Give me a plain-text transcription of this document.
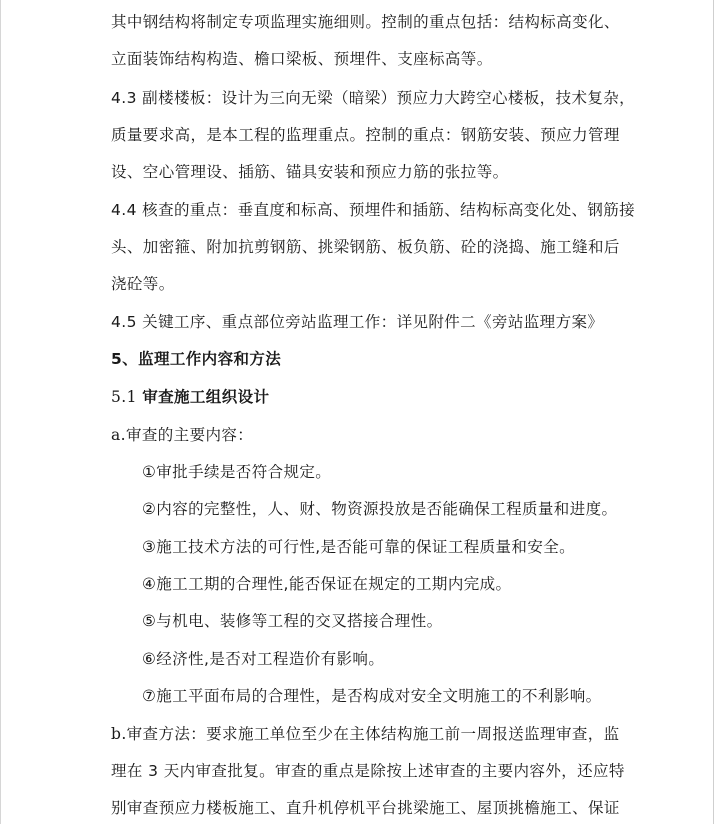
其中钢结构将制定专项监理实施细则。控制的重点包括：结构标高变化、
立面装饰结构构造、檐口梁板、预埋件、支座标高等。
4.3 副楼楼板：设计为三向无梁（暗梁）预应力大跨空心楼板，技术复杂，
质量要求高，是本工程的监理重点。控制的重点：钢筋安装、预应力管理
设、空心管理设、插筋、锚具安装和预应力筋的张拉等。
4.4 核查的重点：垂直度和标高、预埋件和插筋、结构标高变化处、钢筋接
头、加密箍、附加抗剪钢筋、挑梁钢筋、板负筋、砼的浇捣、施工缝和后
浇砼等。
4.5 关键工序、重点部位旁站监理工作：详见附件二《旁站监理方案》
5、监理工作内容和方法
5.1 审查施工组织设计
a.审查的主要内容：
①审批手续是否符合规定。
②内容的完整性，人、财、物资源投放是否能确保工程质量和进度。
③施工技术方法的可行性,是否能可靠的保证工程质量和安全。
④施工工期的合理性,能否保证在规定的工期内完成。
⑤与机电、装修等工程的交叉搭接合理性。
⑥经济性,是否对工程造价有影响。
⑦施工平面布局的合理性，是否构成对安全文明施工的不利影响。
b.审查方法：要求施工单位至少在主体结构施工前一周报送监理审查，监
理在 3 天内审查批复。审查的重点是除按上述审查的主要内容外，还应特
别审查预应力楼板施工、直升机停机平台挑梁施工、屋顶挑檐施工、保证
